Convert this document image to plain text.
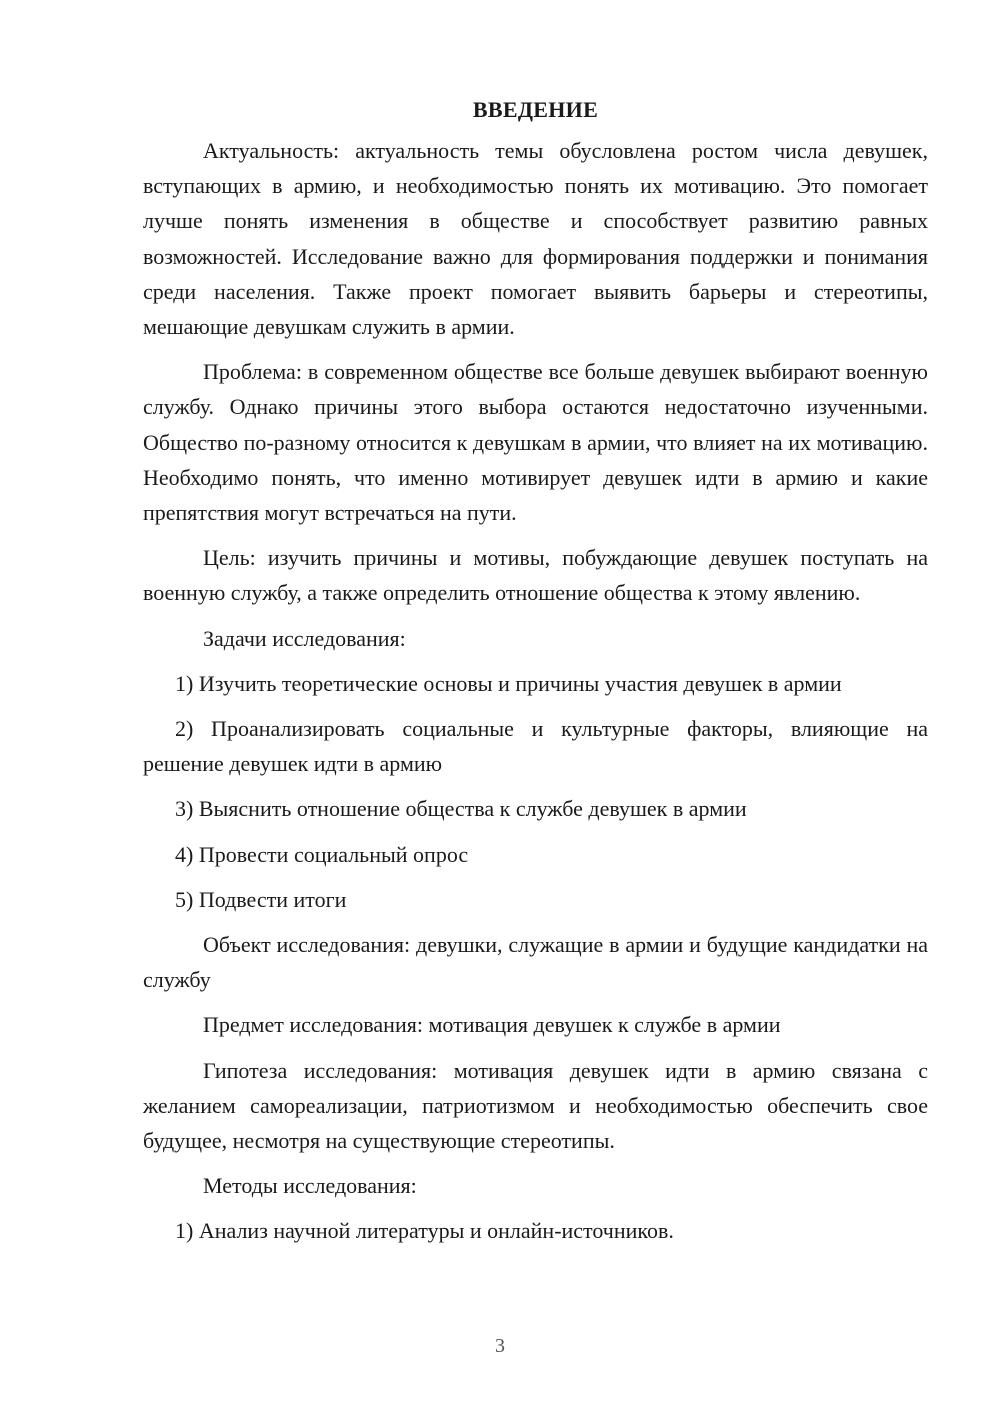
ВВЕДЕНИЕ

Актуальность: актуальность темы обусловлена ростом числа девушек, вступающих в армию, и необходимостью понять их мотивацию. Это помогает лучше понять изменения в обществе и способствует развитию равных возможностей. Исследование важно для формирования поддержки и понимания среди населения. Также проект помогает выявить барьеры и стереотипы, мешающие девушкам служить в армии.

Проблема: в современном обществе все больше девушек выбирают военную службу. Однако причины этого выбора остаются недостаточно изученными. Общество по-разному относится к девушкам в армии, что влияет на их мотивацию. Необходимо понять, что именно мотивирует девушек идти в армию и какие препятствия могут встречаться на пути.

Цель: изучить причины и мотивы, побуждающие девушек поступать на военную службу, а также определить отношение общества к этому явлению.

Задачи исследования:

1) Изучить теоретические основы и причины участия девушек в армии

2) Проанализировать социальные и культурные факторы, влияющие на решение девушек идти в армию

3) Выяснить отношение общества к службе девушек в армии

4) Провести социальный опрос

5) Подвести итоги

Объект исследования: девушки, служащие в армии и будущие кандидатки на службу

Предмет исследования: мотивация девушек к службе в армии

Гипотеза исследования: мотивация девушек идти в армию связана с желанием самореализации, патриотизмом и необходимостью обеспечить свое будущее, несмотря на существующие стереотипы.

Методы исследования:

1) Анализ научной литературы и онлайн-источников.

3
